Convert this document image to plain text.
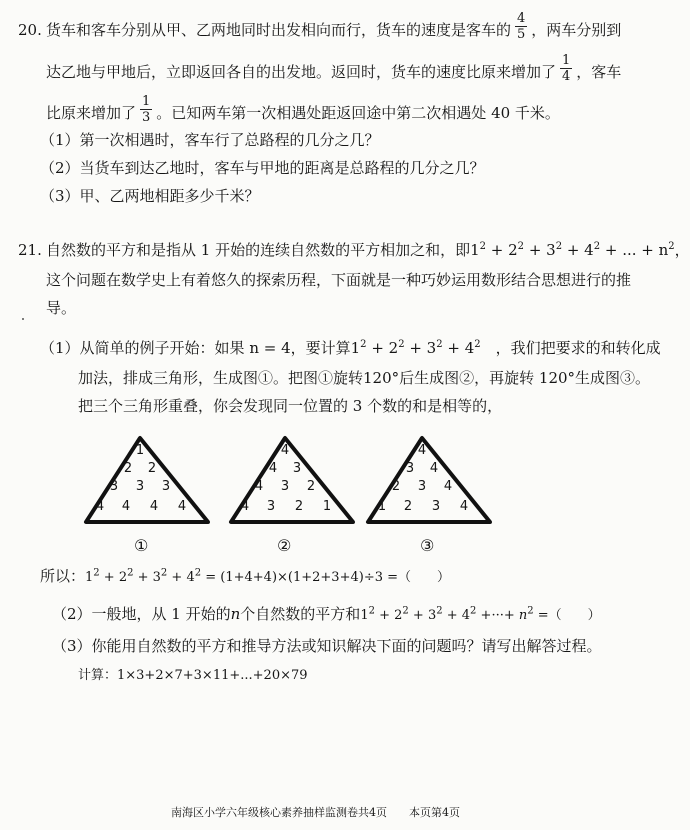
20. 货车和客车分别从甲、乙两地同时出发相向而行，货车的速度是客车的 $\frac{4}{5}$ ，两车分别到
达乙地与甲地后，立即返回各自的出发地。返回时，货车的速度比原来增加了 $\frac{1}{4}$ ，客车
比原来增加了 $\frac{1}{3}$ 。已知两车第一次相遇处距返回途中第二次相遇处 40 千米。
（1）第一次相遇时，客车行了总路程的几分之几？
（2）当货车到达乙地时，客车与甲地的距离是总路程的几分之几？
（3）甲、乙两地相距多少千米？
21. 自然数的平方和是指从 1 开始的连续自然数的平方相加之和，即$1^2 + 2^2 + 3^2 + 4^2$ + ... + $n^2$，
这个问题在数学史上有着悠久的探索历程，下面就是一种巧妙运用数形结合思想进行的推
导。
（1）从简单的例子开始：如果 n = 4，要计算$1^2 + 2^2 + 3^2 + 4^2$　 ，我们把要求的和转化成
加法，排成三角形，生成图①。把图①旋转120°后生成图②，再旋转 120°生成图③。
把三个三角形重叠，你会发现同一位置的 3 个数的和是相等的，
1
2 2
3 3 3
4 4 4 4
4
4 3
4 3 2
4 3 2 1
4
3 4
2 3 4
1 2 3 4
①	②	③
所以：$1^2 + 2^2 + 3^2 + 4^2 = (1+4+4)\times(1+2+3+4)\div 3$ =（　　）
（2）一般地，从 1 开始的n个自然数的平方和$1^2 + 2^2 + 3^2 + 4^2$ +···+ $n^2$ =（　　）
（3）你能用自然数的平方和推导方法或知识解决下面的问题吗？请写出解答过程。
计算：1×3+2×7+3×11+...+20×79
南海区小学六年级核心素养抽样监测卷共4页　　本页第4页
